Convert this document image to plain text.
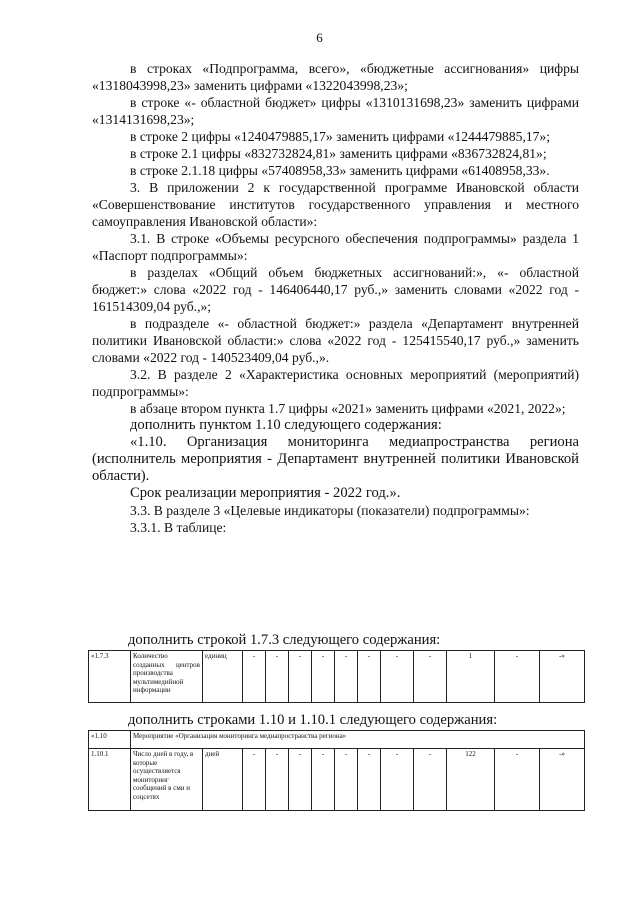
6

в строках «Подпрограмма, всего», «бюджетные ассигнования» цифры «1318043998,23» заменить цифрами «1322043998,23»;

в строке «- областной бюджет» цифры «1310131698,23» заменить цифрами «1314131698,23»;

в строке 2 цифры «1240479885,17» заменить цифрами «1244479885,17»;

в строке 2.1 цифры «832732824,81» заменить цифрами «836732824,81»;

в строке 2.1.18 цифры «57408958,33» заменить цифрами «61408958,33».

3. В приложении 2 к государственной программе Ивановской области «Совершенствование институтов государственного управления и местного самоуправления Ивановской области»:

3.1. В строке «Объемы ресурсного обеспечения подпрограммы» раздела 1 «Паспорт подпрограммы»:

в разделах «Общий объем бюджетных ассигнований:», «- областной бюджет:» слова «2022 год - 146406440,17 руб.,» заменить словами «2022 год - 161514309,04 руб.,»;

в подразделе «- областной бюджет:» раздела «Департамент внутренней политики Ивановской области:» слова «2022 год - 125415540,17 руб.,» заменить словами «2022 год - 140523409,04 руб.,».

3.2. В разделе 2 «Характеристика основных мероприятий (мероприятий) подпрограммы»:

в абзаце втором пункта 1.7 цифры «2021» заменить цифрами «2021, 2022»;

дополнить пунктом 1.10 следующего содержания:

«1.10. Организация мониторинга медиапространства региона (исполнитель мероприятия - Департамент внутренней политики Ивановской области).

Срок реализации мероприятия - 2022 год.».

3.3. В разделе 3 «Целевые индикаторы (показатели) подпрограммы»:

3.3.1. В таблице:

дополнить строкой 1.7.3 следующего содержания:
«1.7.3	Количество созданных центров производства мультимедийной информации	единиц	-	-	-	-	-	-	-	-	1	-	-»
дополнить строками 1.10 и 1.10.1 следующего содержания:
«1.10	Мероприятие «Организация мониторинга медиапространства региона»												
1.10.1	Число дней в году, в которые осуществляется мониторинг сообщений в сми и соцсетях	дней	-	-	-	-	-	-	-	-	122	-	-»
